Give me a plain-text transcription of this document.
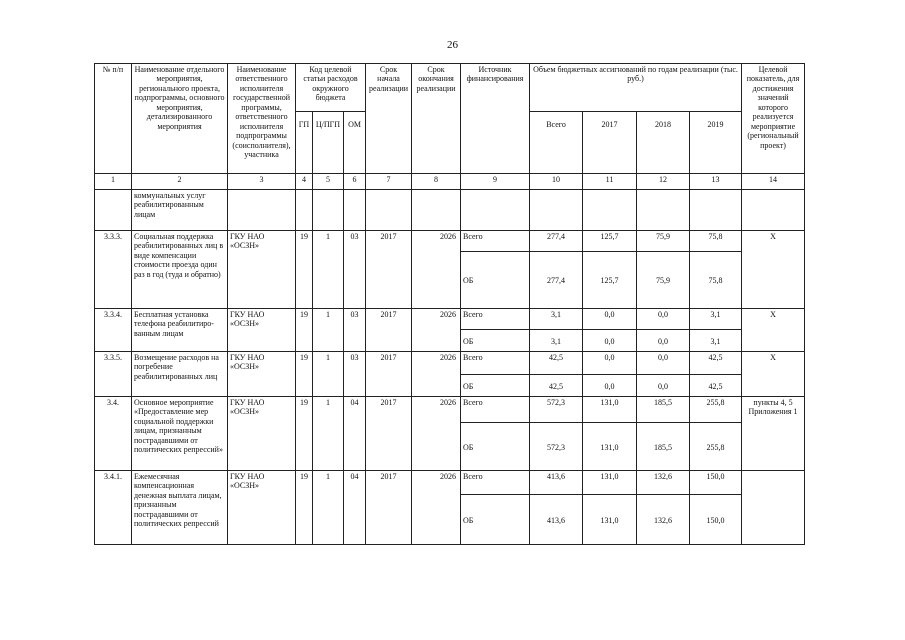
26
№ п/п	Наименование отдельного мероприятия, регионального проекта, подпрограммы, основного мероприятия, детализированного мероприятия	Наименование ответственного исполнителя государственной программы, ответственного исполнителя подпрограммы (соисполнителя), участника	Код целевой статьи расходов окружного бюджета			Срок начала реализации	Срок окончания реализации	Источник финансирования	Объем бюджетных ассигнований по годам реализации (тыс. руб.)				Целевой показатель, для достижения значений которого реализуется мероприятие (региональный проект)
			ГП	Ц/ПГП	ОМ				Всего	2017	2018	2019	
1	2	3	4	5	6	7	8	9	10	11	12	13	14
	коммунальных услуг реабилитированным лицам												
3.3.3.	Социальная поддержка реабилитированных лиц в виде компенсации стоимости проезда один раз в год (туда и обратно)	ГКУ НАО «ОСЗН»	19	1	03	2017	2026	Всего	277,4	125,7	75,9	75,8	Х
								ОБ	277,4	125,7	75,9	75,8	
3.3.4.	Бесплатная установка телефона реабилитиро-ванным лицам	ГКУ НАО «ОСЗН»	19	1	03	2017	2026	Всего	3,1	0,0	0,0	3,1	Х
								ОБ	3,1	0,0	0,0	3,1	
3.3.5.	Возмещение расходов на погребение реабилитированных лиц	ГКУ НАО «ОСЗН»	19	1	03	2017	2026	Всего	42,5	0,0	0,0	42,5	Х
								ОБ	42,5	0,0	0,0	42,5	
3.4.	Основное мероприятие «Предоставление мер социальной поддержки лицам, признанным пострадавшими от политических репрессий»	ГКУ НАО «ОСЗН»	19	1	04	2017	2026	Всего	572,3	131,0	185,5	255,8	пункты 4, 5 Приложения 1
								ОБ	572,3	131,0	185,5	255,8	
3.4.1.	Ежемесячная компенсационная денежная выплата лицам, признанным пострадавшими от политических репрессий	ГКУ НАО «ОСЗН»	19	1	04	2017	2026	Всего	413,6	131,0	132,6	150,0	
								ОБ	413,6	131,0	132,6	150,0	
